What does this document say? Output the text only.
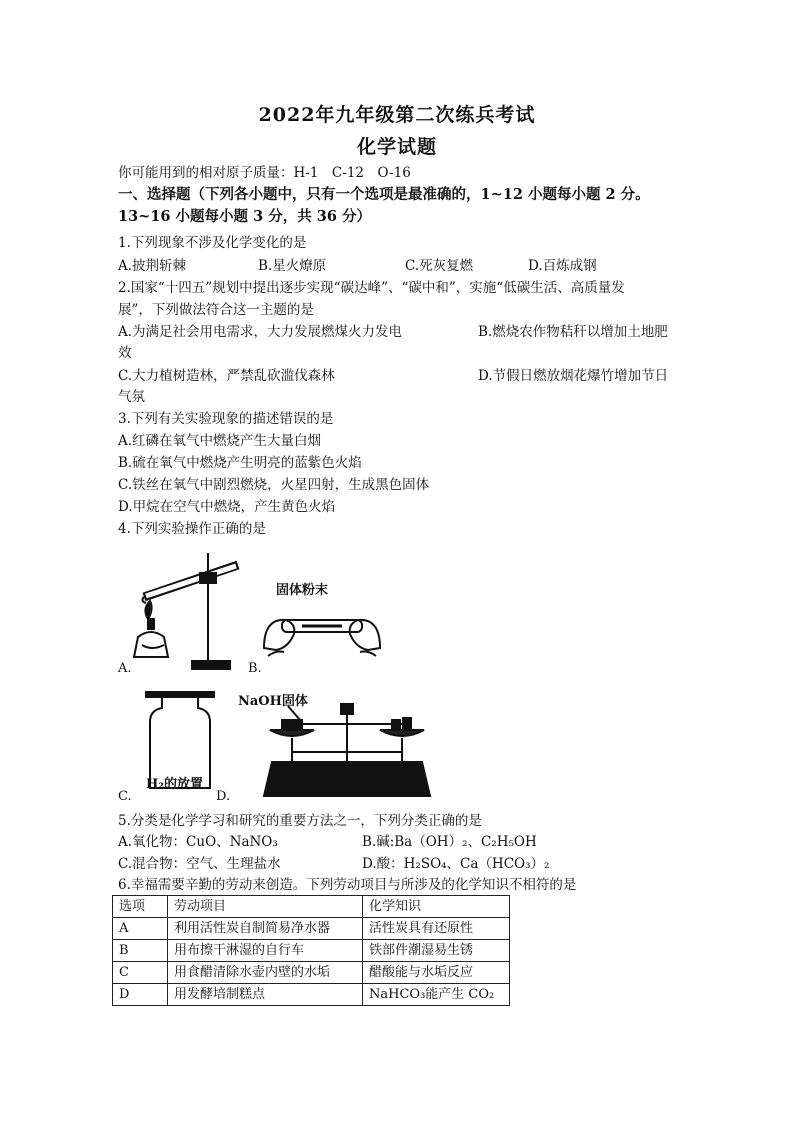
2022年九年级第二次练兵考试
化学试题
你可能用到的相对原子质量：H-1　C-12　O-16
一、选择题（下列各小题中，只有一个选项是最准确的，1~12 小题每小题 2 分。
13~16 小题每小题 3 分，共 36 分）
1.下列现象不涉及化学变化的是
A.披荆斩棘	B.星火燎原	C.死灰复燃	D.百炼成钢
2.国家“十四五”规划中提出逐步实现“碳达峰”、“碳中和”，实施“低碳生活、高质量发
展”，下列做法符合这一主题的是
A.为满足社会用电需求，大力发展燃煤火力发电	B.燃烧农作物秸秆以增加土地肥
效
C.大力植树造林，严禁乱砍滥伐森林	D.节假日燃放烟花爆竹增加节日
气氛
3.下列有关实验现象的描述错误的是
A.红磷在氧气中燃烧产生大量白烟
B.硫在氧气中燃烧产生明亮的蓝紫色火焰
C.铁丝在氧气中剧烈燃烧，火星四射，生成黑色固体
D.甲烷在空气中燃烧，产生黄色火焰
4.下列实验操作正确的是
A.
固体粉末
B.
H₂的放置
C.
NaOH固体
D.
5.分类是化学学习和研究的重要方法之一，下列分类正确的是
A.氧化物：CuO、NaNO₃	B.碱:Ba（OH）₂、C₂H₅OH
C.混合物：空气、生理盐水	D.酸：H₂SO₄、Ca（HCO₃）₂
6.幸福需要辛勤的劳动来创造。下列劳动项目与所涉及的化学知识不相符的是
选项	劳动项目	化学知识
A	利用活性炭自制简易净水器	活性炭具有还原性
B	用布擦干淋湿的自行车	铁部件潮湿易生锈
C	用食醋清除水壶内壁的水垢	醋酸能与水垢反应
D	用发酵培制糕点	NaHCO₃能产生 CO₂
